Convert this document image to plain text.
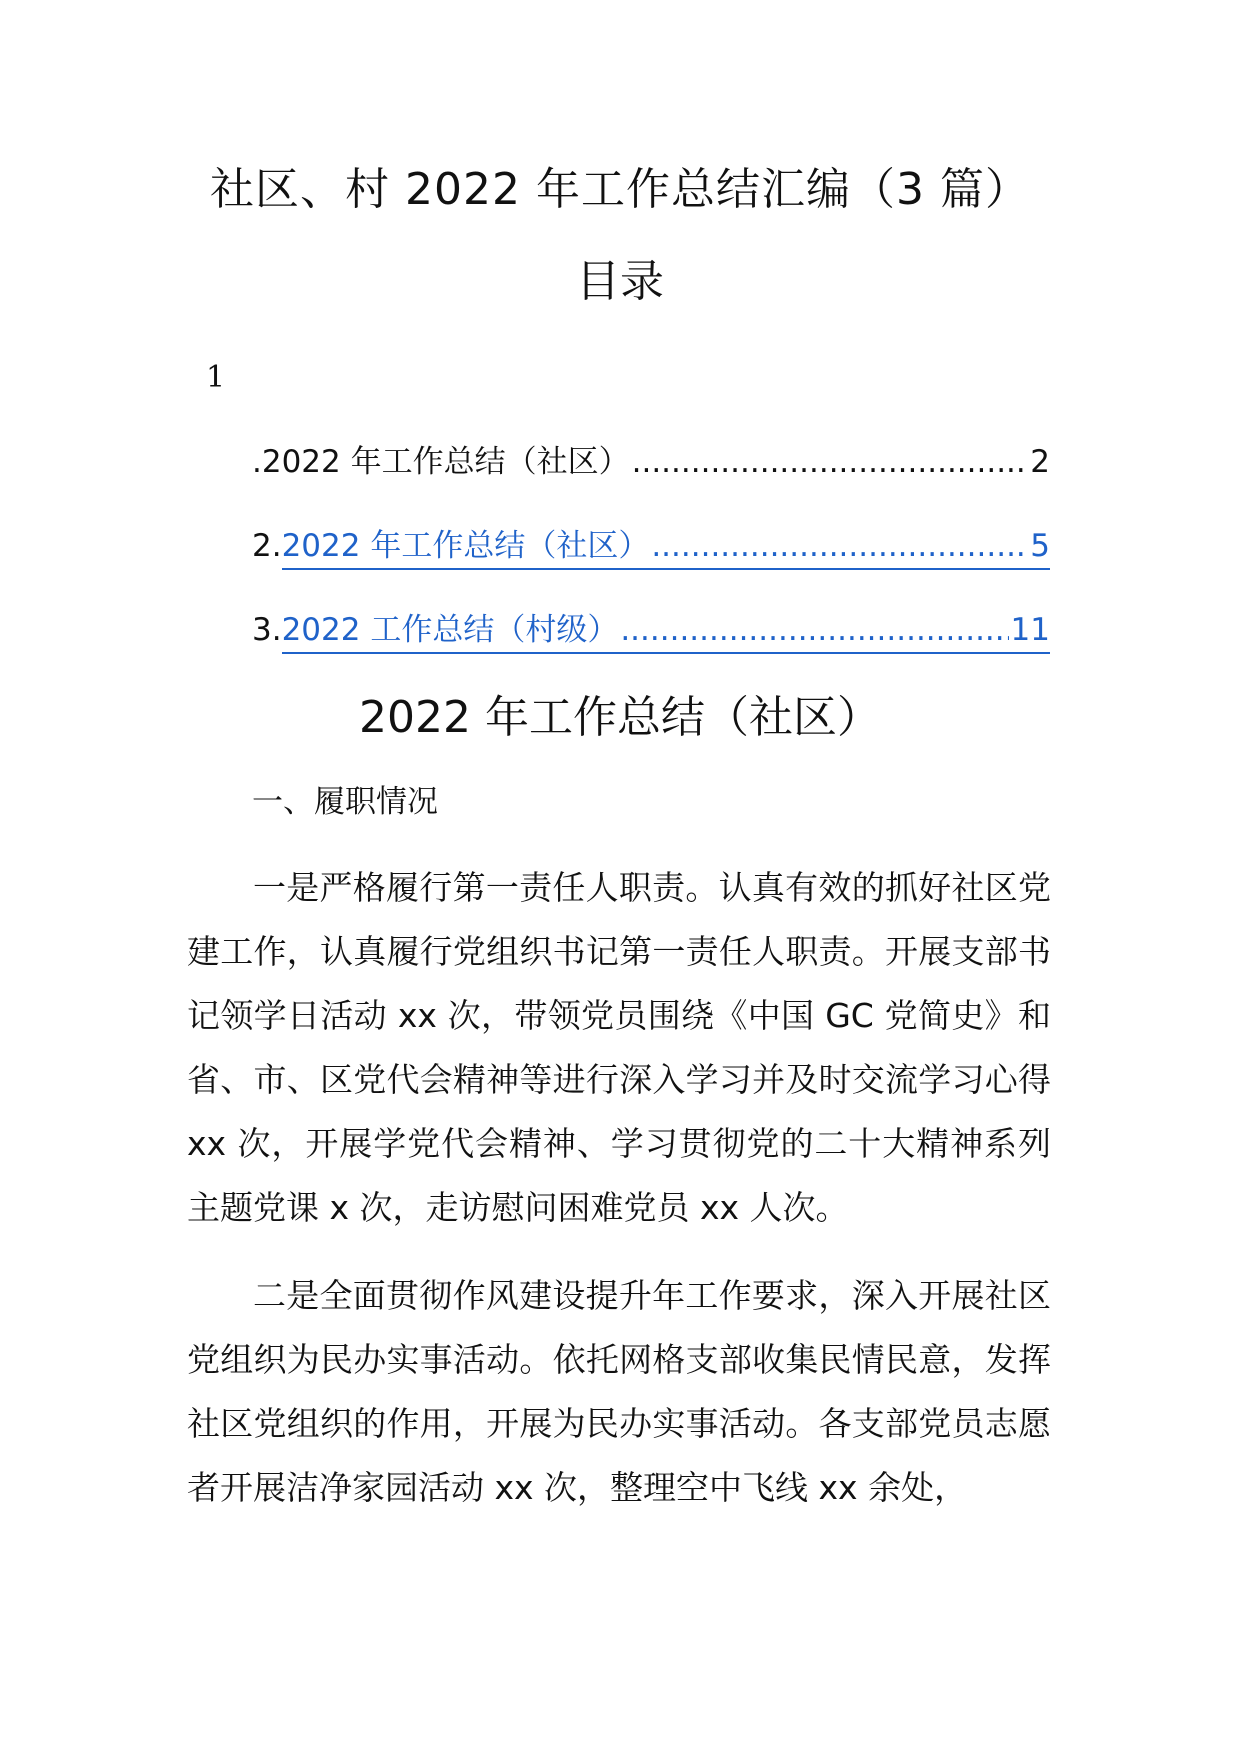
社区、村 2022 年工作总结汇编（3 篇）
目录
1
.2022 年工作总结（社区） .....	2
2. 2022 年工作总结（社区） .....	5
3. 2022 工作总结（村级） .....	11
2022 年工作总结（社区）
一、履职情况

一是严格履行第一责任人职责。认真有效的抓好社区党建工作，认真履行党组织书记第一责任人职责。开展支部书记领学日活动 xx 次，带领党员围绕《中国 GC 党简史》和省、市、区党代会精神等进行深入学习并及时交流学习心得 xx 次，开展学党代会精神、学习贯彻党的二十大精神系列主题党课 x 次，走访慰问困难党员 xx 人次。

二是全面贯彻作风建设提升年工作要求，深入开展社区党组织为民办实事活动。依托网格支部收集民情民意，发挥社区党组织的作用，开展为民办实事活动。各支部党员志愿者开展洁净家园活动 xx 次，整理空中飞线 xx 余处，
